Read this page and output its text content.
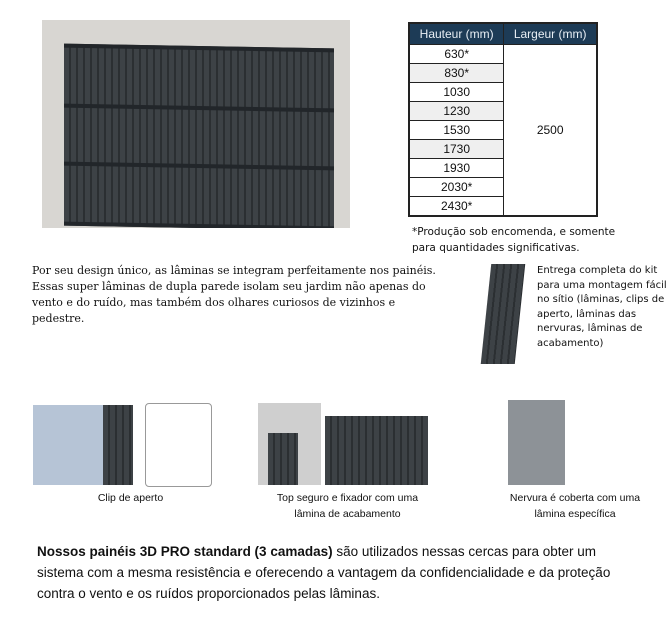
Hauteur (mm)	Largeur (mm)
630*	2500
830*	
1030	
1230	
1530	
1730	
1930	
2030*	
2430*	
*Produção sob encomenda, e somente
para quantidades significativas.
Por seu design único, as lâminas se integram perfeitamente nos painéis. Essas super lâminas de dupla parede isolam seu jardim não apenas do vento e do ruído, mas também dos olhares curiosos de vizinhos e pedestre.
Entrega completa do kit para uma montagem fácil no sítio (lâminas, clips de aperto, lâminas das nervuras, lâminas de acabamento)
Clip de aperto	Top seguro e fixador com uma
lâmina de acabamento
Nervura é coberta com uma
lâmina específica
Nossos painéis 3D PRO standard (3 camadas) são utilizados nessas cercas para obter um sistema com a mesma resistência e oferecendo a vantagem da confidencialidade e da proteção contra o vento e os ruídos proporcionados pelas lâminas.
